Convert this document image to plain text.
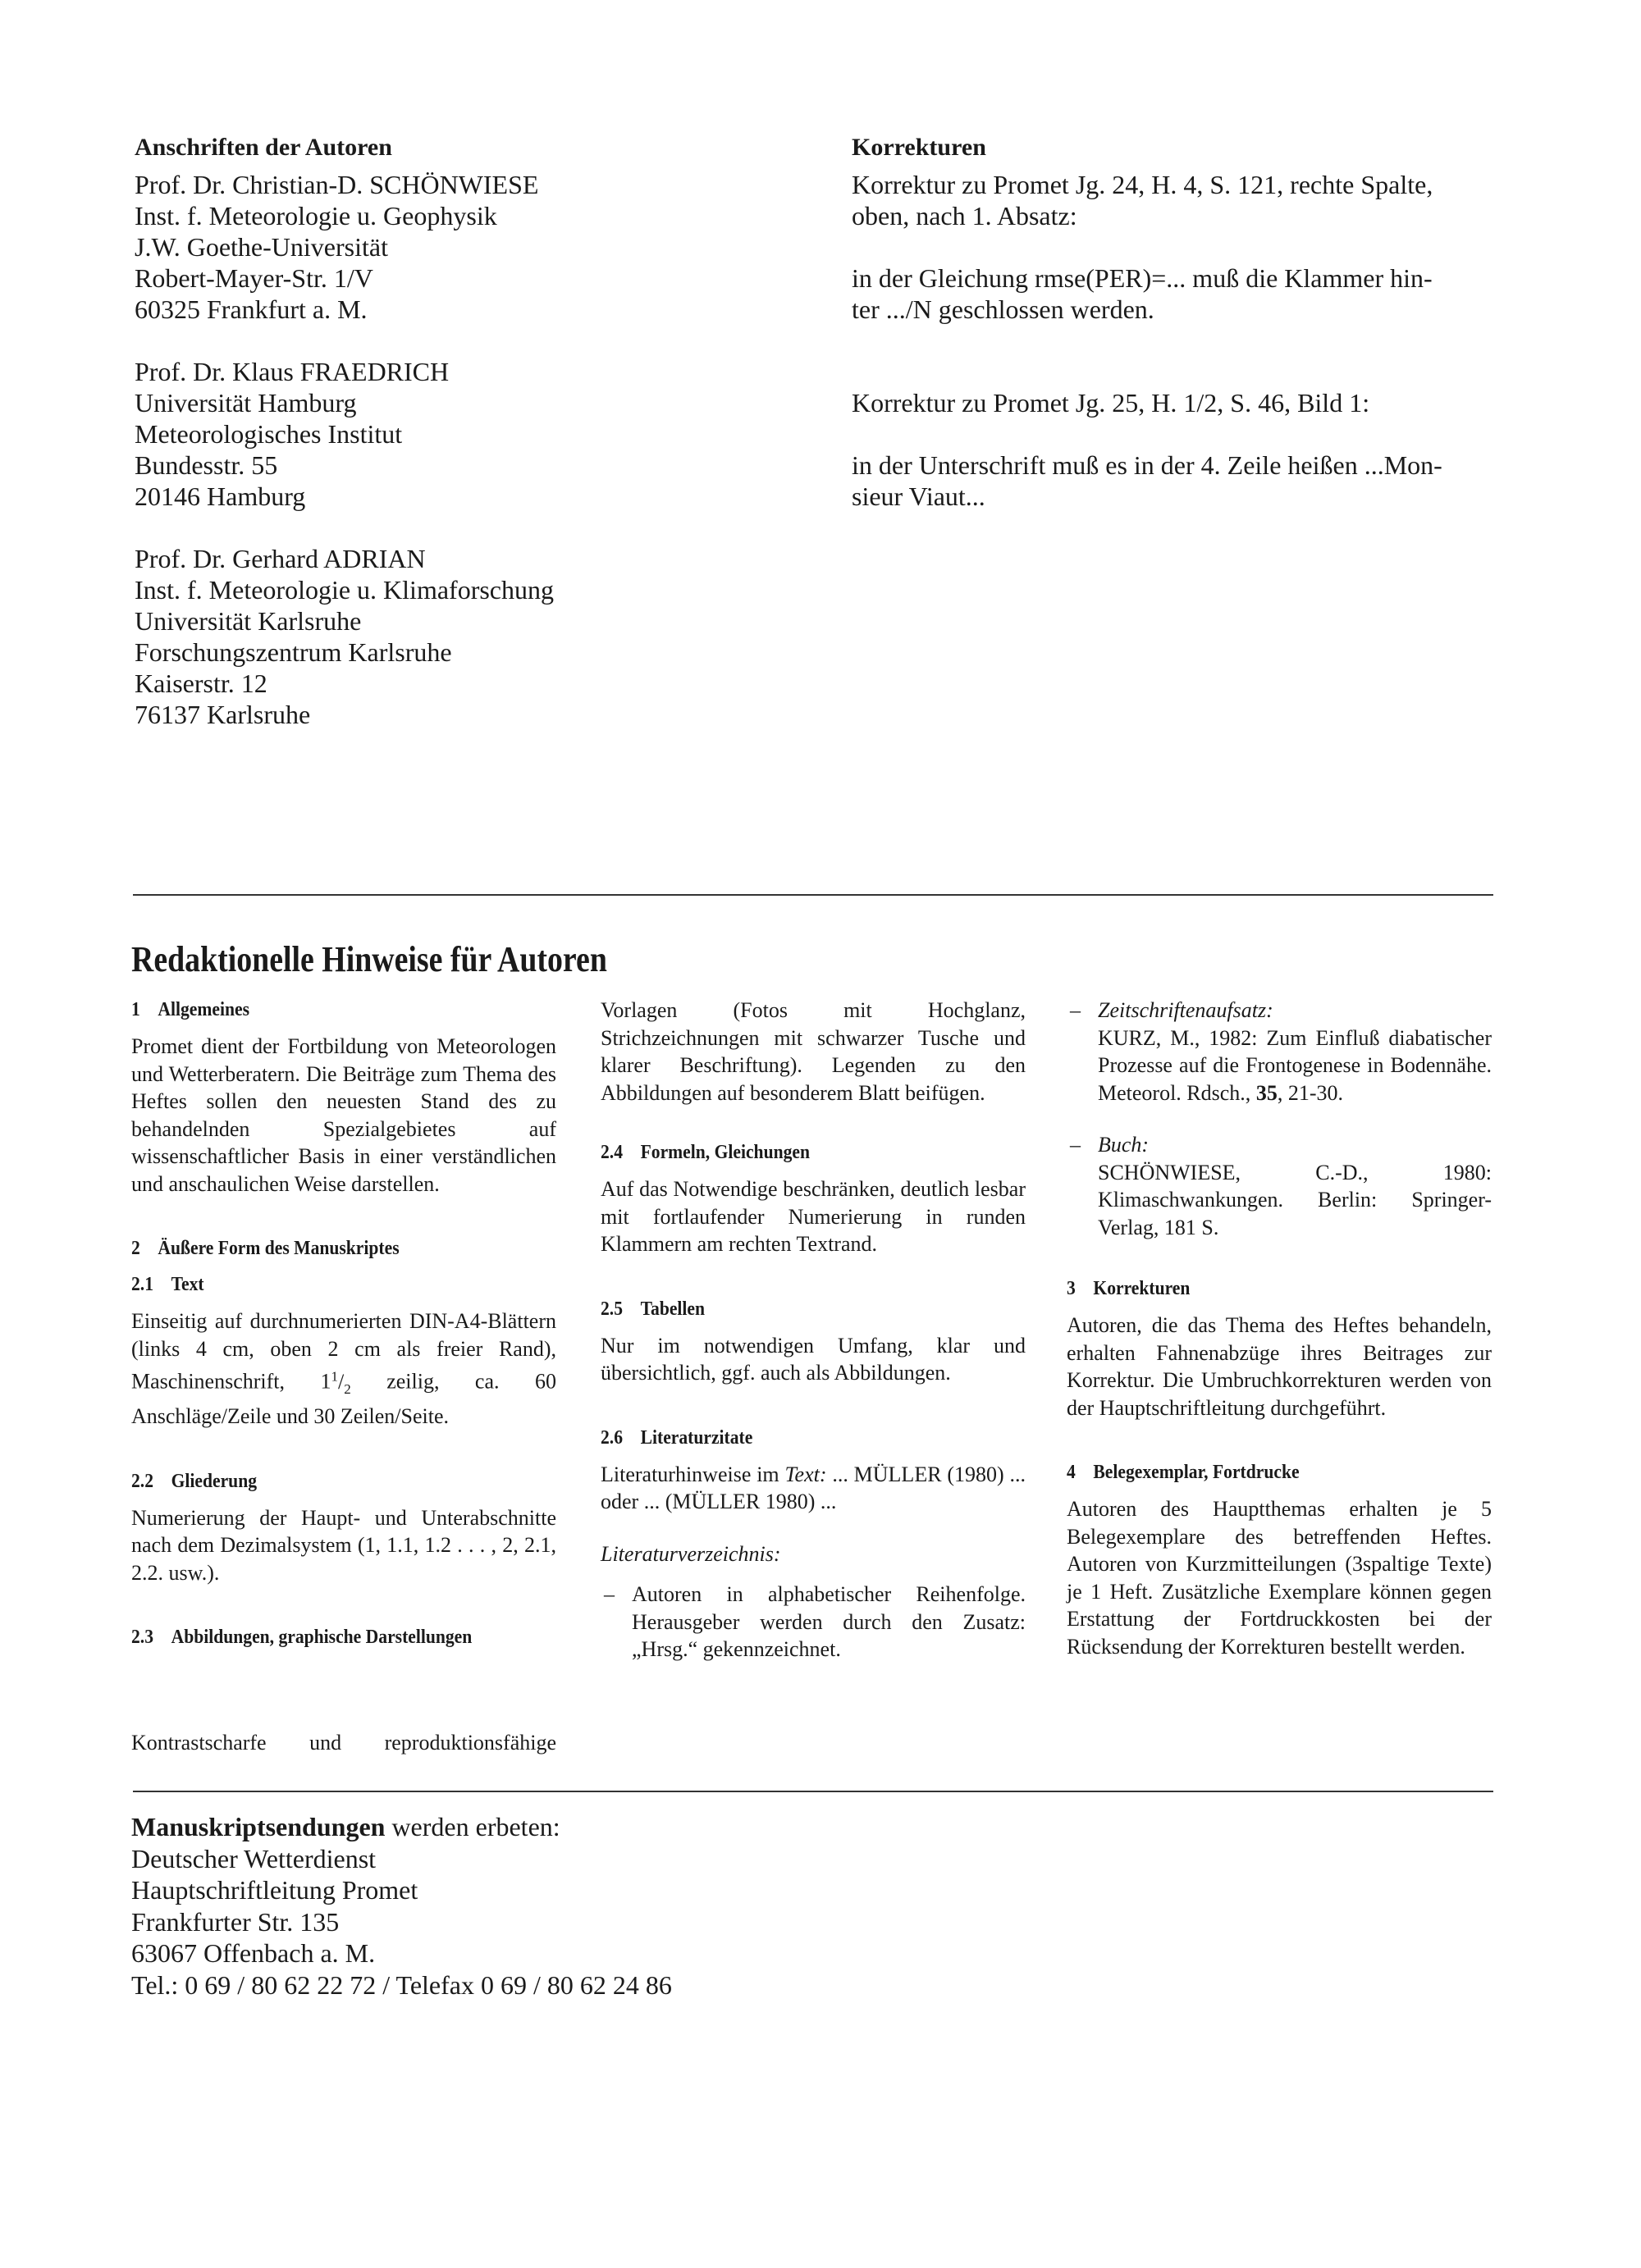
Anschriften der Autoren
Prof. Dr. Christian-D. SCHÖNWIESE
Inst. f. Meteorologie u. Geophysik
J.W. Goethe-Universität
Robert-Mayer-Str. 1/V
60325 Frankfurt a. M.
Prof. Dr. Klaus FRAEDRICH
Universität Hamburg
Meteorologisches Institut
Bundesstr. 55
20146 Hamburg
Prof. Dr. Gerhard ADRIAN
Inst. f. Meteorologie u. Klimaforschung
Universität Karlsruhe
Forschungszentrum Karlsruhe
Kaiserstr. 12
76137 Karlsruhe
Korrekturen
Korrektur zu Promet Jg. 24, H. 4, S. 121, rechte Spalte,
oben, nach 1. Absatz:
in der Gleichung rmse(PER)=... muß die Klammer hin-
ter .../N geschlossen werden.
Korrektur zu Promet Jg. 25, H. 1/2, S. 46, Bild 1:
in der Unterschrift muß es in der 4. Zeile heißen ...Mon-
sieur Viaut...
Redaktionelle Hinweise für Autoren
1 Allgemeines
Promet dient der Fortbildung von Meteorologen und Wetterberatern. Die Beiträge zum Thema des Heftes sollen den neuesten Stand des zu behandelnden Spezialgebietes auf wissenschaftlicher Basis in einer verständlichen und anschaulichen Weise darstellen.
2 Äußere Form des Manuskriptes
2.1 Text
Einseitig auf durchnumerierten DIN-A4-Blättern (links 4 cm, oben 2 cm als freier Rand), Maschinenschrift, $1^1/_2$ zeilig, ca. 60 Anschläge/Zeile und 30 Zeilen/Seite.
2.2 Gliederung
Numerierung der Haupt- und Unterabschnitte nach dem Dezimalsystem (1, 1.1, 1.2 . . . , 2, 2.1, 2.2. usw.).
2.3 Abbildungen, graphische Darstellungen
Kontrastscharfe und reproduktionsfähige
Vorlagen (Fotos mit Hochglanz, Strichzeichnungen mit schwarzer Tusche und klarer Beschriftung). Legenden zu den Abbildungen auf besonderem Blatt beifügen.
2.4 Formeln, Gleichungen
Auf das Notwendige beschränken, deutlich lesbar mit fortlaufender Numerierung in runden Klammern am rechten Textrand.
2.5 Tabellen
Nur im notwendigen Umfang, klar und übersichtlich, ggf. auch als Abbildungen.
2.6 Literaturzitate
Literaturhinweise im Text: ... MÜLLER (1980) ... oder ... (MÜLLER 1980) ...
Literaturverzeichnis:
– Autoren in alphabetischer Reihenfolge. Herausgeber werden durch den Zusatz: „Hrsg.“ gekennzeichnet.
– Zeitschriftenaufsatz:
KURZ, M., 1982: Zum Einfluß diabatischer Prozesse auf die Frontogenese in Bodennähe. Meteorol. Rdsch., 35, 21-30.
– Buch:
SCHÖNWIESE, C.-D., 1980: Klimaschwankungen. Berlin: Springer-Verlag, 181 S.
3 Korrekturen
Autoren, die das Thema des Heftes behandeln, erhalten Fahnenabzüge ihres Beitrages zur Korrektur. Die Umbruchkorrekturen werden von der Hauptschriftleitung durchgeführt.
4 Belegexemplar, Fortdrucke
Autoren des Hauptthemas erhalten je 5 Belegexemplare des betreffenden Heftes. Autoren von Kurzmitteilungen (3spaltige Texte) je 1 Heft. Zusätzliche Exemplare können gegen Erstattung der Fortdruckkosten bei der Rücksendung der Korrekturen bestellt werden.
Manuskriptsendungen werden erbeten:
Deutscher Wetterdienst
Hauptschriftleitung Promet
Frankfurter Str. 135
63067 Offenbach a. M.
Tel.: 0 69 / 80 62 22 72 / Telefax 0 69 / 80 62 24 86
